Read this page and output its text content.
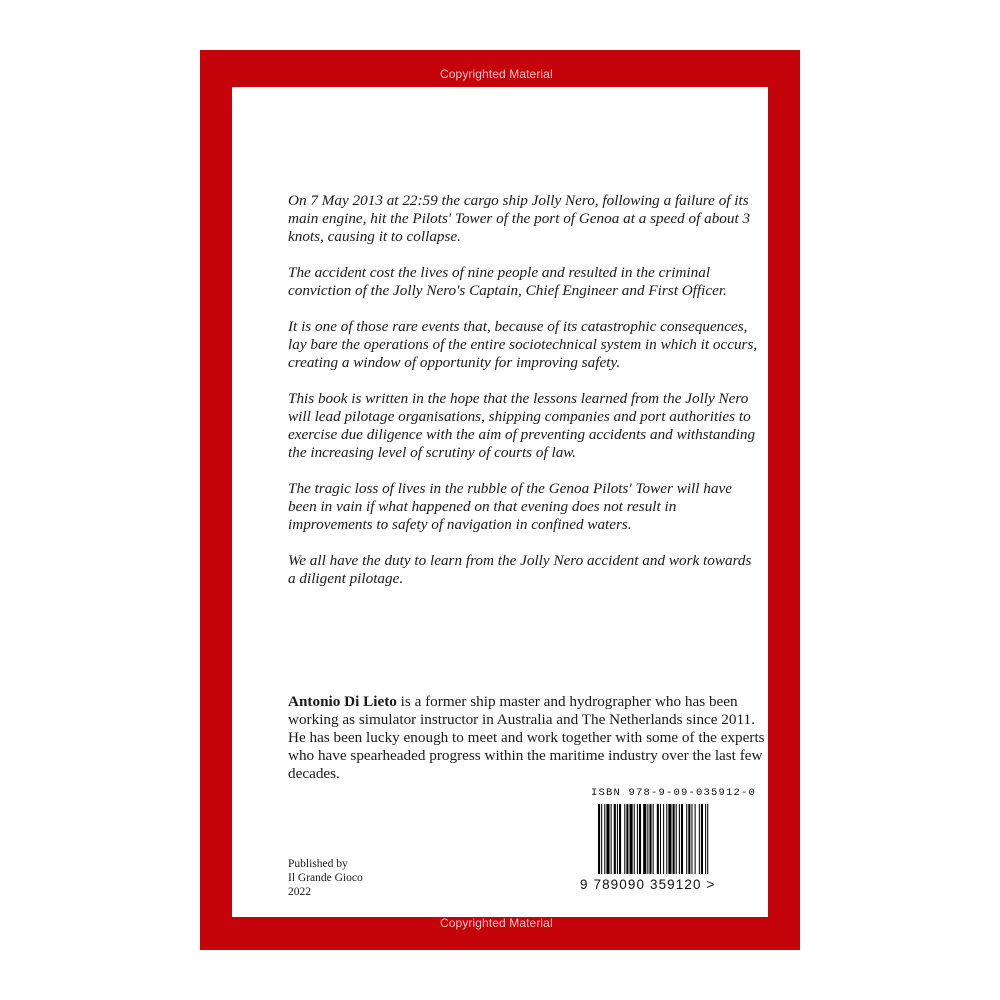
Copyrighted Material

On 7 May 2013 at 22:59 the cargo ship Jolly Nero, following a failure of its main engine, hit the Pilots' Tower of the port of Genoa at a speed of about 3 knots, causing it to collapse.

The accident cost the lives of nine people and resulted in the criminal conviction of the Jolly Nero's Captain, Chief Engineer and First Officer.

It is one of those rare events that, because of its catastrophic consequences, lay bare the operations of the entire sociotechnical system in which it occurs, creating a window of opportunity for improving safety.

This book is written in the hope that the lessons learned from the Jolly Nero will lead pilotage organisations, shipping companies and port authorities to exercise due diligence with the aim of preventing accidents and withstanding the increasing level of scrutiny of courts of law.

The tragic loss of lives in the rubble of the Genoa Pilots' Tower will have been in vain if what happened on that evening does not result in improvements to safety of navigation in confined waters.

We all have the duty to learn from the Jolly Nero accident and work towards a diligent pilotage.

Antonio Di Lieto is a former ship master and hydrographer who has been working as simulator instructor in Australia and The Netherlands since 2011. He has been lucky enough to meet and work together with some of the experts who have spearheaded progress within the maritime industry over the last few decades.

Published by
Il Grande Gioco
2022
ISBN 978-9-09-035912-0
9 789090 359120 >
Copyrighted Material
